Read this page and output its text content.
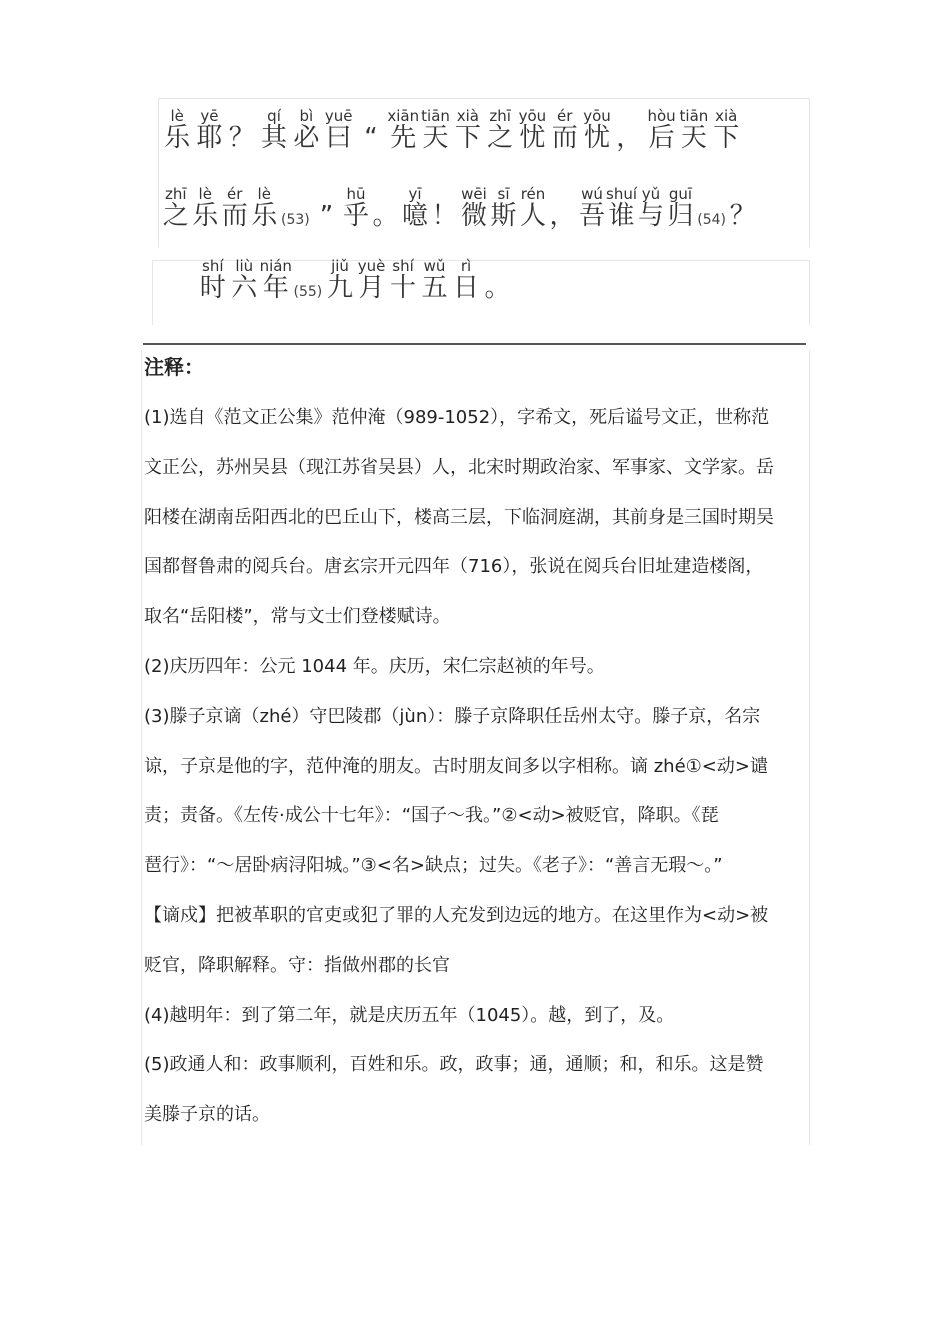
lè
乐
yē
耶 ？
qí
其
bì
必
yuē
曰 “
xiān
先
tiān
天
xià
下
zhī
之
yōu
忧
ér
而
yōu
忧 ，
hòu
后
tiān
天
xià
下
zhī
之
lè
乐
ér
而
lè
乐 (53) ”
hū
乎 。
yī
噫 ！
wēi
微
sī
斯
rén
人 ，
wú
吾
shuí
谁
yǔ
与
guī
归 (54) ？
shí
时
liù
六
nián
年 (55)
jiǔ
九
yuè
月
shí
十
wǔ
五
rì
日 。
注释：
(1)选自《范文正公集》范仲淹（989-1052），字希文，死后谥号文正，世称范
文正公，苏州吴县（现江苏省吴县）人，北宋时期政治家、军事家、文学家。岳
阳楼在湖南岳阳西北的巴丘山下，楼高三层，下临洞庭湖，其前身是三国时期吴
国都督鲁肃的阅兵台。唐玄宗开元四年（716），张说在阅兵台旧址建造楼阁，
取名“岳阳楼”，常与文士们登楼赋诗。
(2)庆历四年：公元 1044 年。庆历，宋仁宗赵祯的年号。
(3)滕子京谪（zhé）守巴陵郡（jùn）：滕子京降职任岳州太守。滕子京，名宗
谅，子京是他的字，范仲淹的朋友。古时朋友间多以字相称。谪 zhé①<动>谴
责；责备。《左传·成公十七年》：“国子～我。”②<动>被贬官，降职。《琵
琶行》：“～居卧病浔阳城。”③<名>缺点；过失。《老子》：“善言无瑕～。”
【谪戍】把被革职的官吏或犯了罪的人充发到边远的地方。在这里作为<动>被
贬官，降职解释。守：指做州郡的长官
(4)越明年：到了第二年，就是庆历五年（1045）。越，到了，及。
(5)政通人和：政事顺利，百姓和乐。政，政事；通，通顺；和，和乐。这是赞
美滕子京的话。
